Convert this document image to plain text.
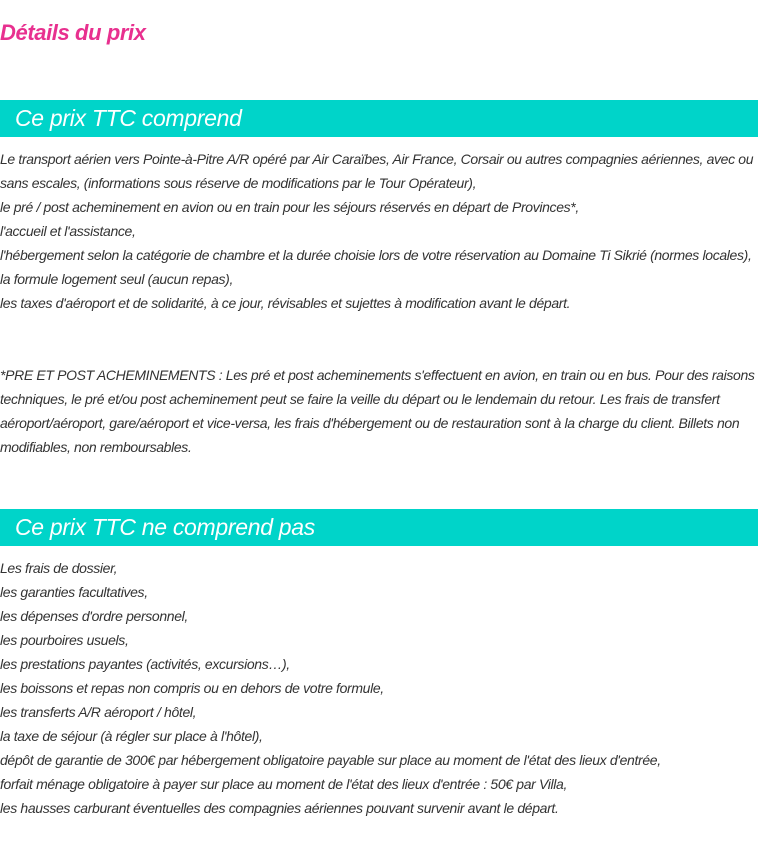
Détails du prix
Ce prix TTC comprend
Le transport aérien vers Pointe-à-Pitre A/R opéré par Air Caraïbes, Air France, Corsair ou autres compagnies aériennes, avec ou sans escales, (informations sous réserve de modifications par le Tour Opérateur),
le pré / post acheminement en avion ou en train pour les séjours réservés en départ de Provinces*,
l'accueil et l'assistance,
l'hébergement selon la catégorie de chambre et la durée choisie lors de votre réservation au Domaine Ti Sikrié (normes locales),
la formule logement seul (aucun repas),
les taxes d'aéroport et de solidarité, à ce jour, révisables et sujettes à modification avant le départ.

*PRE ET POST ACHEMINEMENTS : Les pré et post acheminements s'effectuent en avion, en train ou en bus. Pour des raisons techniques, le pré et/ou post acheminement peut se faire la veille du départ ou le lendemain du retour. Les frais de transfert aéroport/aéroport, gare/aéroport et vice-versa, les frais d'hébergement ou de restauration sont à la charge du client. Billets non modifiables, non remboursables.

Ce prix TTC ne comprend pas
Les frais de dossier,
les garanties facultatives,
les dépenses d'ordre personnel,
les pourboires usuels,
les prestations payantes (activités, excursions…),
les boissons et repas non compris ou en dehors de votre formule,
les transferts A/R aéroport / hôtel,
la taxe de séjour (à régler sur place à l'hôtel),
dépôt de garantie de 300€ par hébergement obligatoire payable sur place au moment de l'état des lieux d'entrée,
forfait ménage obligatoire à payer sur place au moment de l'état des lieux d'entrée : 50€ par Villa,
les hausses carburant éventuelles des compagnies aériennes pouvant survenir avant le départ.
